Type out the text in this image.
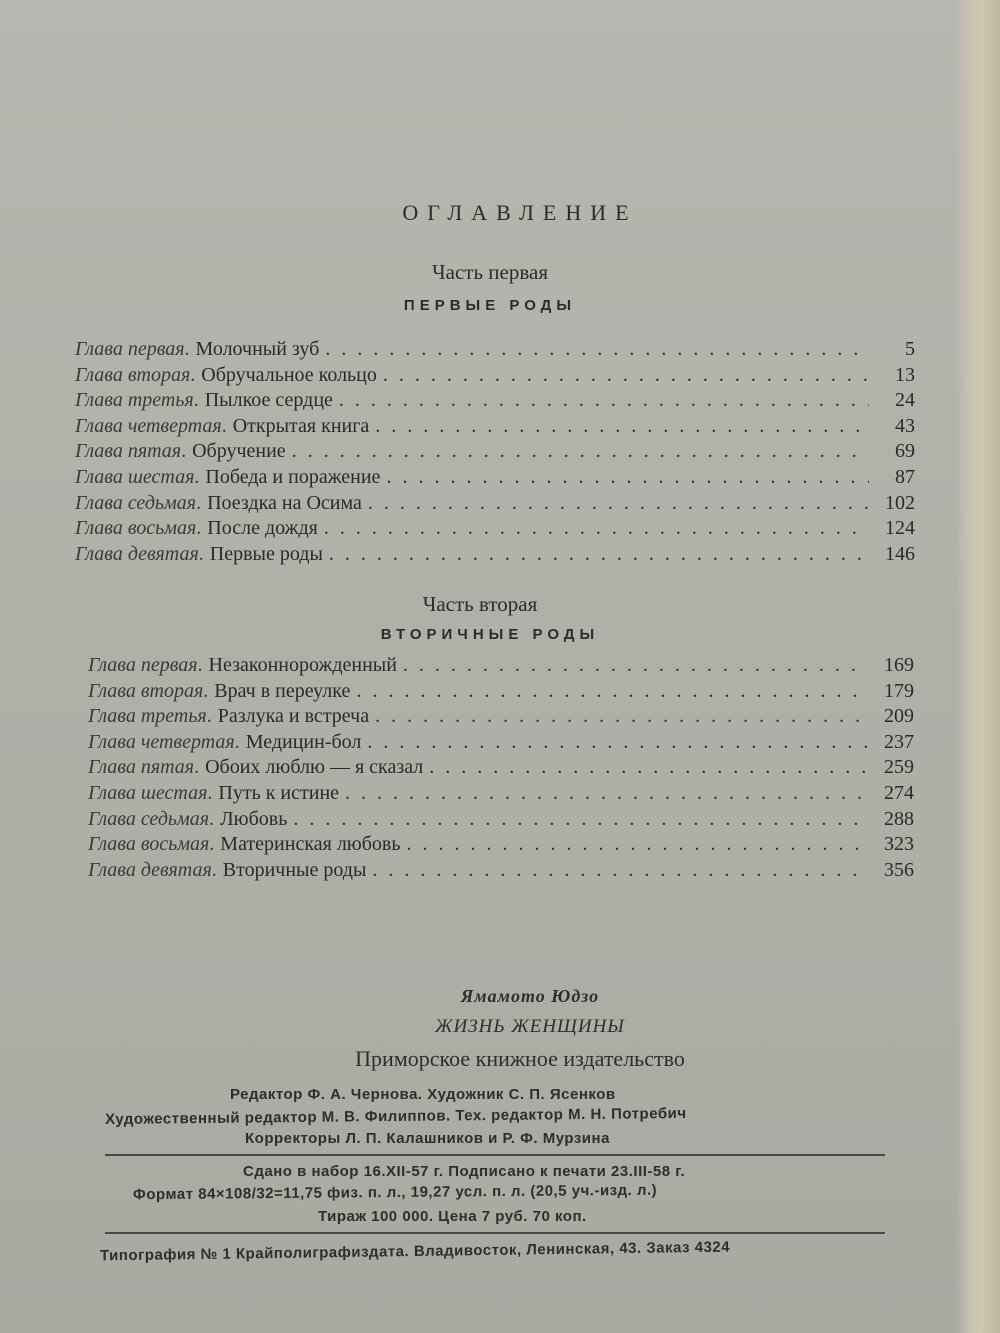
ОГЛАВЛЕНИЕ
Часть первая
ПЕРВЫЕ РОДЫ
Глава первая . Молочный зуб . . .	5
Глава вторая . Обручальное кольцо . . .	13
Глава третья . Пылкое сердце . . .	24
Глава четвертая . Открытая книга . . .	43
Глава пятая . Обручение . . .	69
Глава шестая . Победа и поражение . . .	87
Глава седьмая . Поездка на Осима . . .	102
Глава восьмая . После дождя . . .	124
Глава девятая . Первые роды . . .	146
Часть вторая
ВТОРИЧНЫЕ РОДЫ
Глава первая . Незаконнорожденный . . .	169
Глава вторая . Врач в переулке . . .	179
Глава третья . Разлука и встреча . . .	209
Глава четвертая . Медицин-бол . . .	237
Глава пятая . Обоих люблю — я сказал . . .	259
Глава шестая . Путь к истине . . .	274
Глава седьмая . Любовь . . .	288
Глава восьмая . Материнская любовь . . .	323
Глава девятая . Вторичные роды . . .	356
Ямамото Юдзо
ЖИЗНЬ ЖЕНЩИНЫ
Приморское книжное издательство
Редактор Ф. А. Чернова. Художник С. П. Ясенков
Художественный редактор М. В. Филиппов. Тех. редактор М. Н. Потребич
Корректоры Л. П. Калашников и Р. Ф. Мурзина
Сдано в набор 16.XII-57 г. Подписано к печати 23.III-58 г.
Формат 84×108/32=11,75 физ. п. л., 19,27 усл. п. л. (20,5 уч.-изд. л.)
Тираж 100 000. Цена 7 руб. 70 коп.
Типография № 1 Крайполиграфиздата. Владивосток, Ленинская, 43. Заказ 4324
